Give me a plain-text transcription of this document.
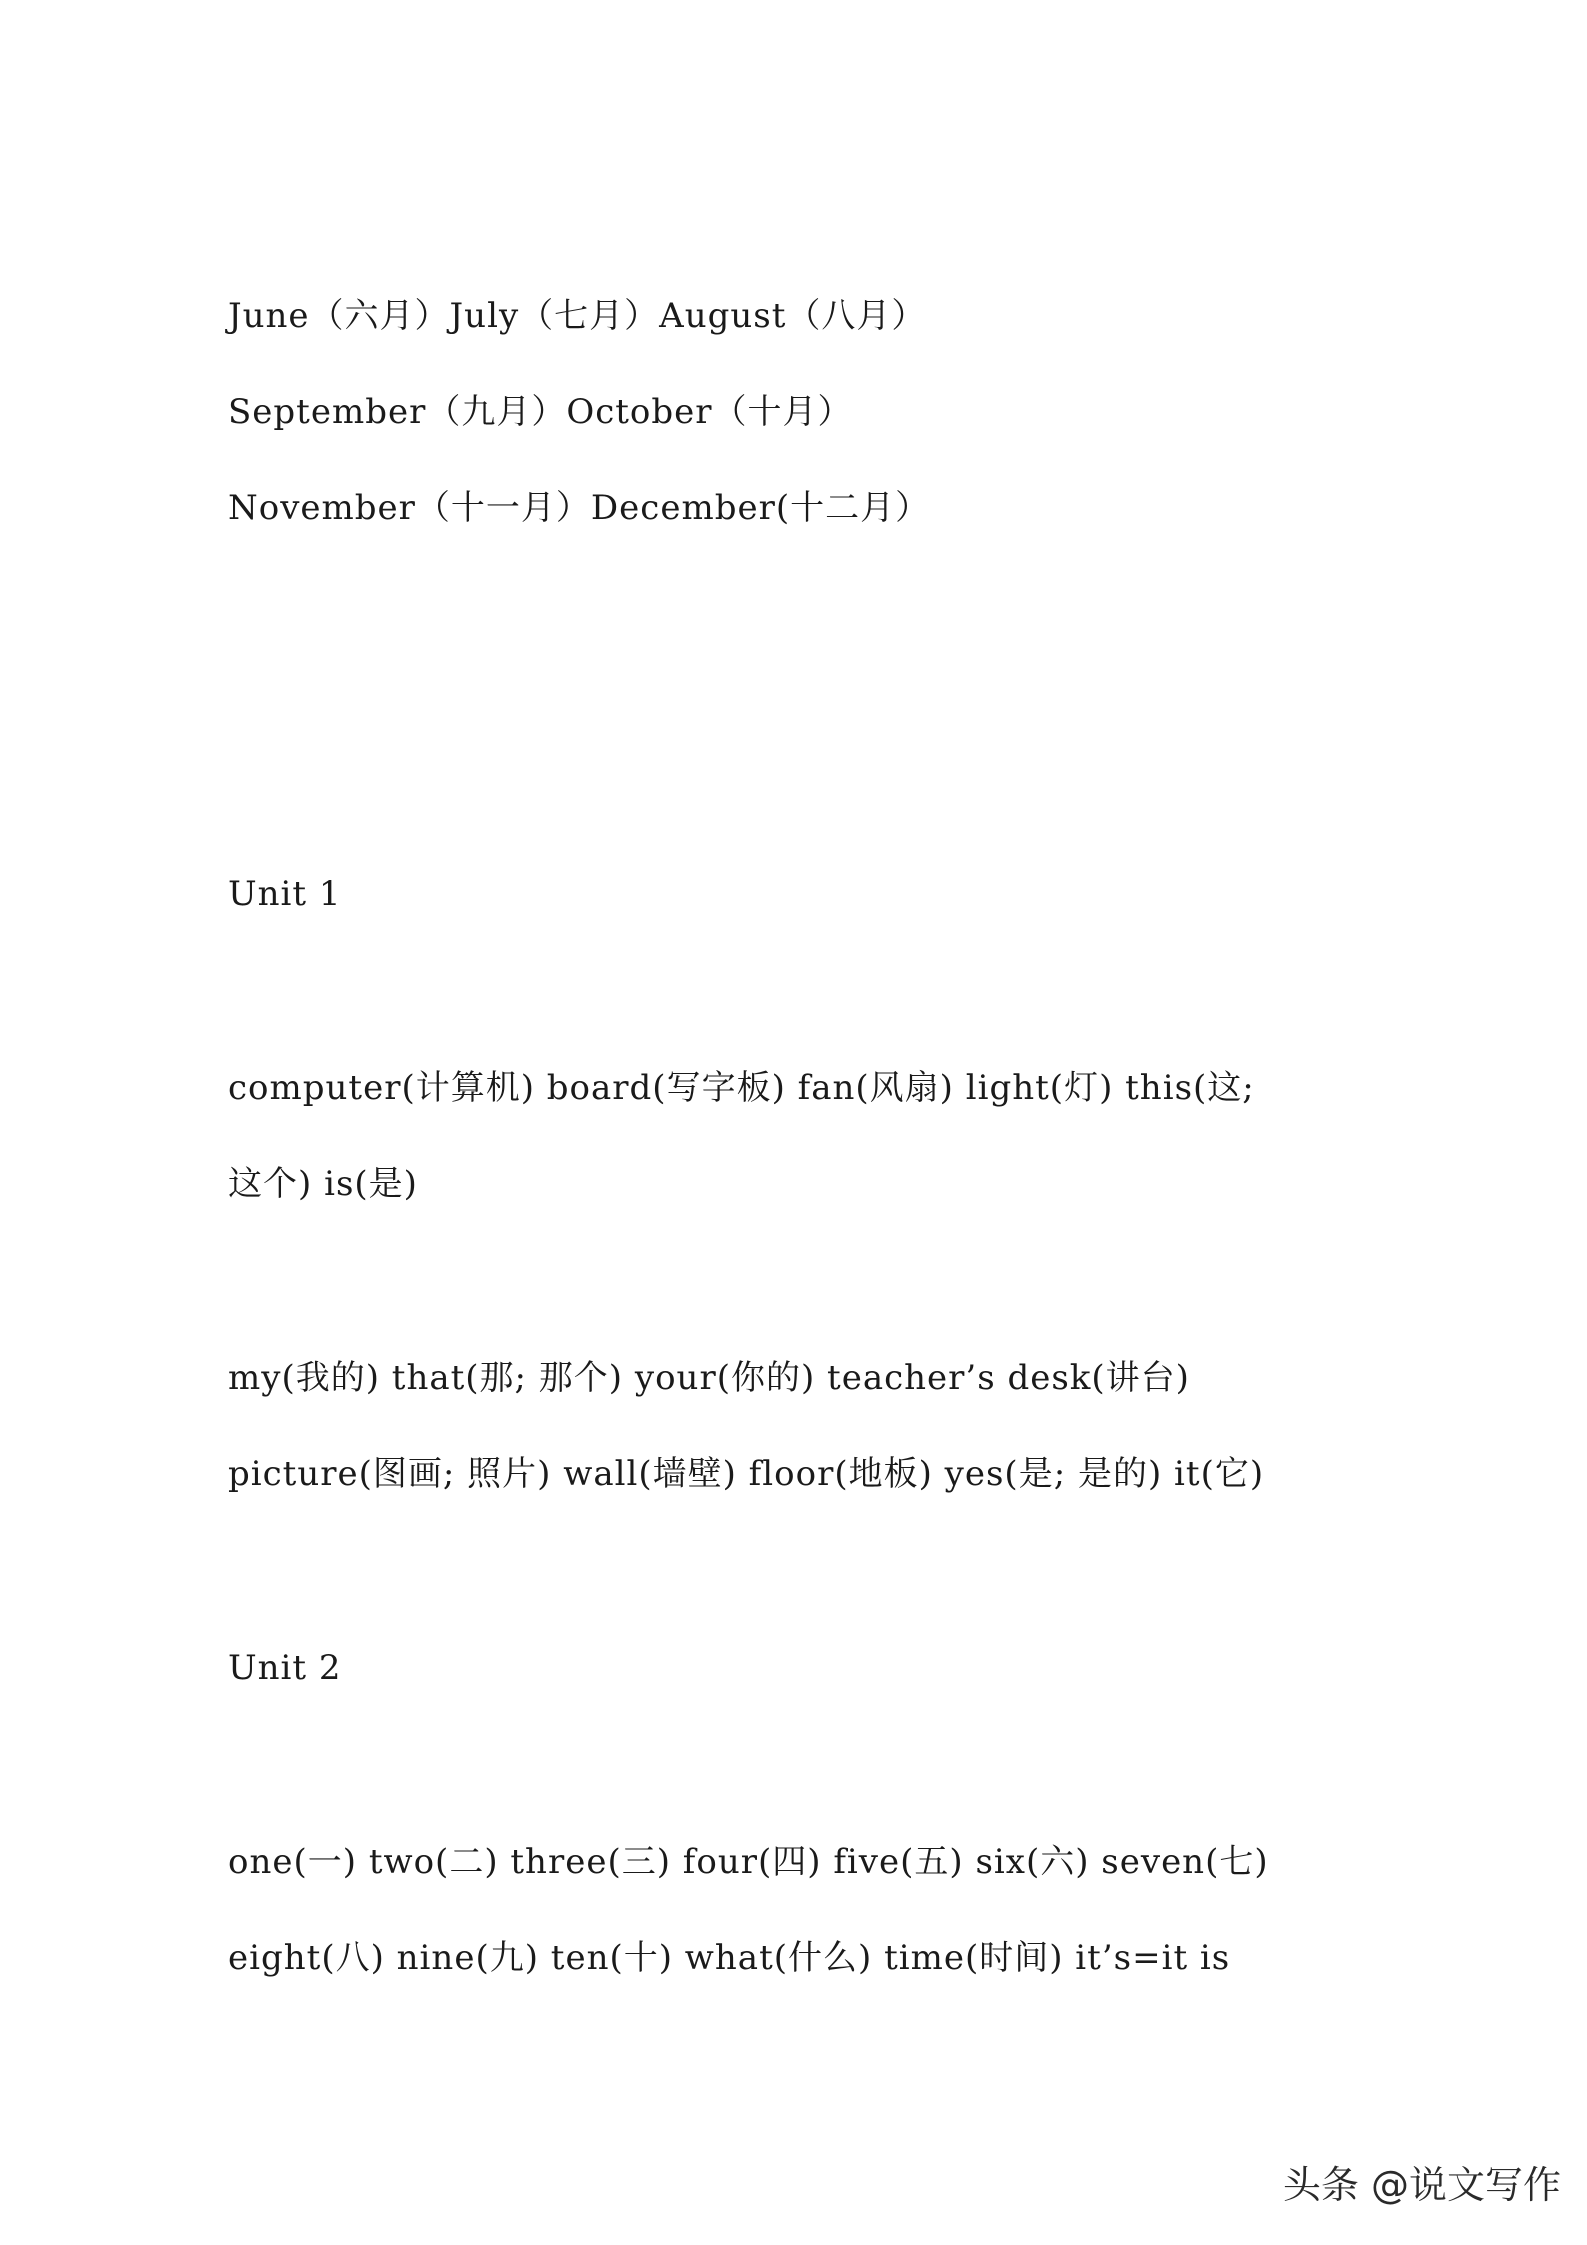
June（六月）July（七月）August（八月）
September（九月）October（十月）
November（十一月）December(十二月）
Unit 1
computer(计算机) board(写字板) fan(风扇) light(灯) this(这;
这个) is(是)
my(我的) that(那; 那个) your(你的) teacher’s desk(讲台)
picture(图画; 照片) wall(墙壁) floor(地板) yes(是; 是的) it(它)
Unit 2
one(一) two(二) three(三) four(四) five(五) six(六) seven(七)
eight(八) nine(九) ten(十) what(什么) time(时间) it’s=it is
头条 @说文写作
